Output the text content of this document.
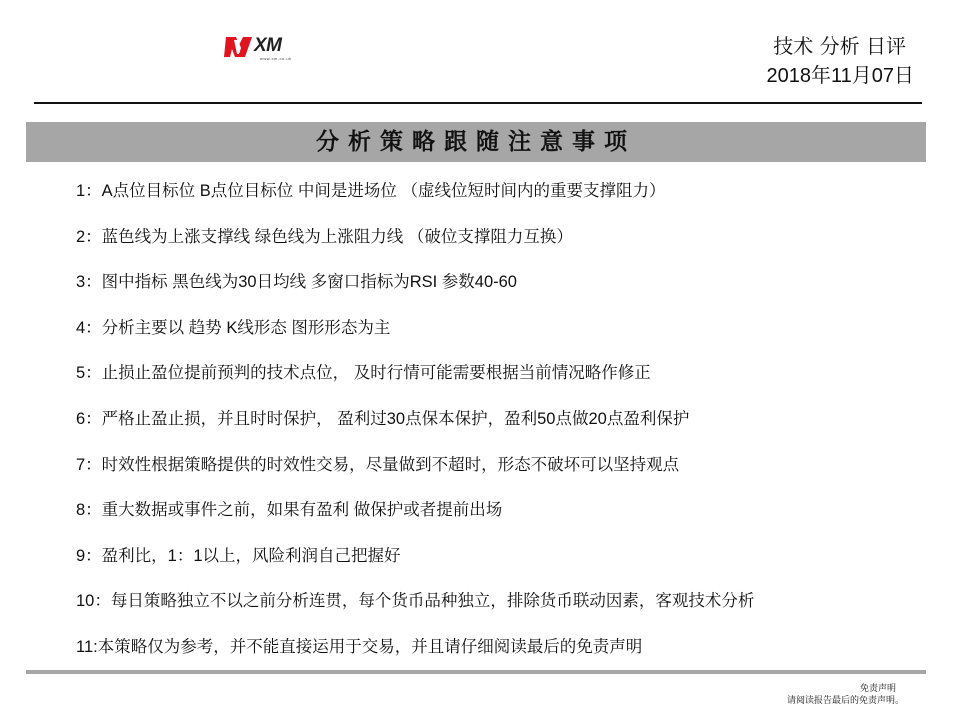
XM
www.xm.co.uk
技术 分析 日评
2018年11月07日
分析策略跟随注意事项
1：A点位目标位 B点位目标位 中间是进场位 （虚线位短时间内的重要支撑阻力）
2：蓝色线为上涨支撑线 绿色线为上涨阻力线 （破位支撑阻力互换）
3：图中指标 黑色线为30日均线 多窗口指标为RSI 参数40-60
4：分析主要以 趋势 K线形态 图形形态为主
5：止损止盈位提前预判的技术点位， 及时行情可能需要根据当前情况略作修正
6：严格止盈止损，并且时时保护， 盈利过30点保本保护，盈利50点做20点盈利保护
7：时效性根据策略提供的时效性交易，尽量做到不超时，形态不破坏可以坚持观点
8：重大数据或事件之前，如果有盈利 做保护或者提前出场
9：盈利比，1：1以上，风险利润自己把握好
10：每日策略独立不以之前分析连贯，每个货币品种独立，排除货币联动因素，客观技术分析
11:本策略仅为参考，并不能直接运用于交易，并且请仔细阅读最后的免责声明
免责声明
请阅读报告最后的免责声明。
